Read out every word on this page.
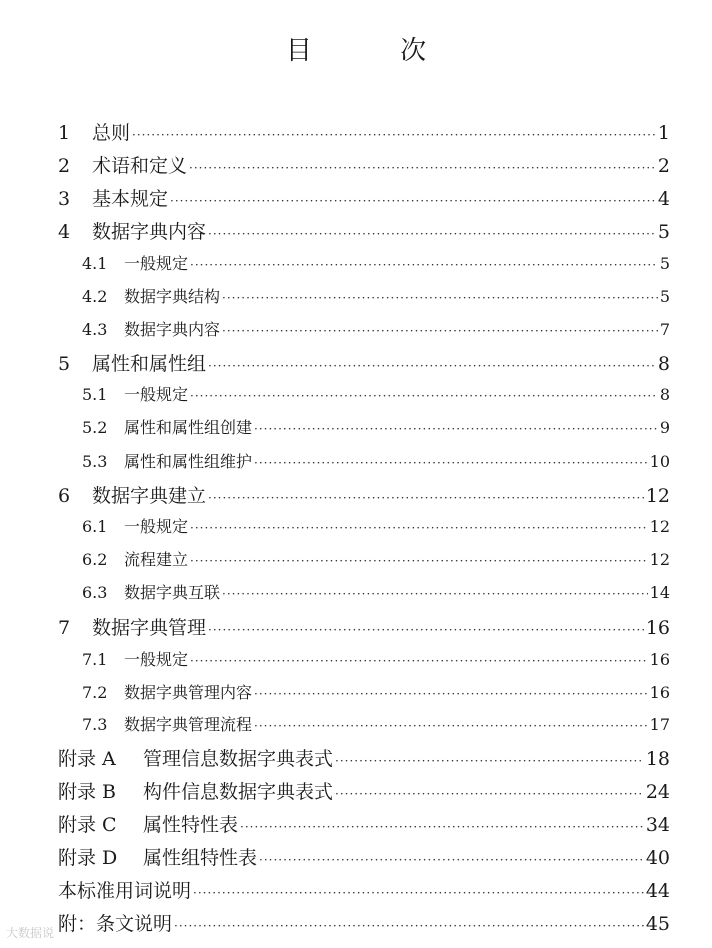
目 次
1	总则 ·····	1
2	术语和定义 ·····	2
3	基本规定 ·····	4
4	数据字典内容 ·····	5
4.1	一般规定 ·····	5
4.2	数据字典结构 ·····	5
4.3	数据字典内容 ·····	7
5	属性和属性组 ·····	8
5.1	一般规定 ·····	8
5.2	属性和属性组创建 ·····	9
5.3	属性和属性组维护 ·····	10
6	数据字典建立 ·····	12
6.1	一般规定 ·····	12
6.2	流程建立 ·····	12
6.3	数据字典互联 ·····	14
7	数据字典管理 ·····	16
7.1	一般规定 ·····	16
7.2	数据字典管理内容 ·····	16
7.3	数据字典管理流程 ·····	17
附录 A	管理信息数据字典表式 ·····	18
附录 B	构件信息数据字典表式 ·····	24
附录 C	属性特性表 ·····	34
附录 D	属性组特性表 ·····	40
本标准用词说明 ·····	44
附：条文说明 ·····	45
大数据说
